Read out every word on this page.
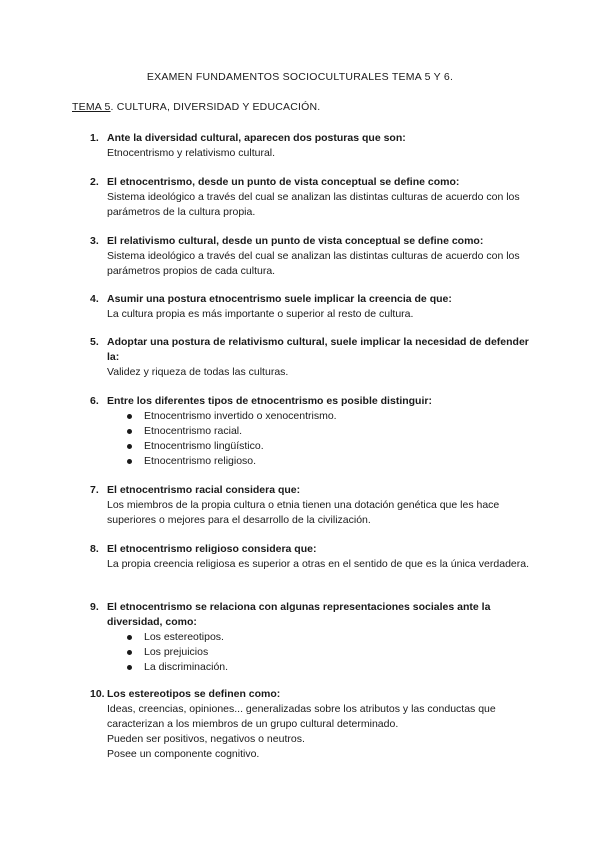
EXAMEN FUNDAMENTOS SOCIOCULTURALES TEMA 5 Y 6.
TEMA 5. CULTURA, DIVERSIDAD Y EDUCACIÓN.
1. Ante la diversidad cultural, aparecen dos posturas que son:
Etnocentrismo y relativismo cultural.
2. El etnocentrismo, desde un punto de vista conceptual se define como:
Sistema ideológico a través del cual se analizan las distintas culturas de acuerdo con los parámetros de la cultura propia.
3. El relativismo cultural, desde un punto de vista conceptual se define como:
Sistema ideológico a través del cual se analizan las distintas culturas de acuerdo con los parámetros propios de cada cultura.
4. Asumir una postura etnocentrismo suele implicar la creencia de que:
La cultura propia es más importante o superior al resto de cultura.
5. Adoptar una postura de relativismo cultural, suele implicar la necesidad de defender la:
Validez y riqueza de todas las culturas.
6. Entre los diferentes tipos de etnocentrismo es posible distinguir:
Etnocentrismo invertido o xenocentrismo.
Etnocentrismo racial.
Etnocentrismo lingüístico.
Etnocentrismo religioso.
7. El etnocentrismo racial considera que:
Los miembros de la propia cultura o etnia tienen una dotación genética que les hace superiores o mejores para el desarrollo de la civilización.
8. El etnocentrismo religioso considera que:
La propia creencia religiosa es superior a otras en el sentido de que es la única verdadera.
9. El etnocentrismo se relaciona con algunas representaciones sociales ante la diversidad, como:
Los estereotipos.
Los prejuicios
La discriminación.
10. Los estereotipos se definen como:
Ideas, creencias, opiniones... generalizadas sobre los atributos y las conductas que caracterizan a los miembros de un grupo cultural determinado.
Pueden ser positivos, negativos o neutros.
Posee un componente cognitivo.
